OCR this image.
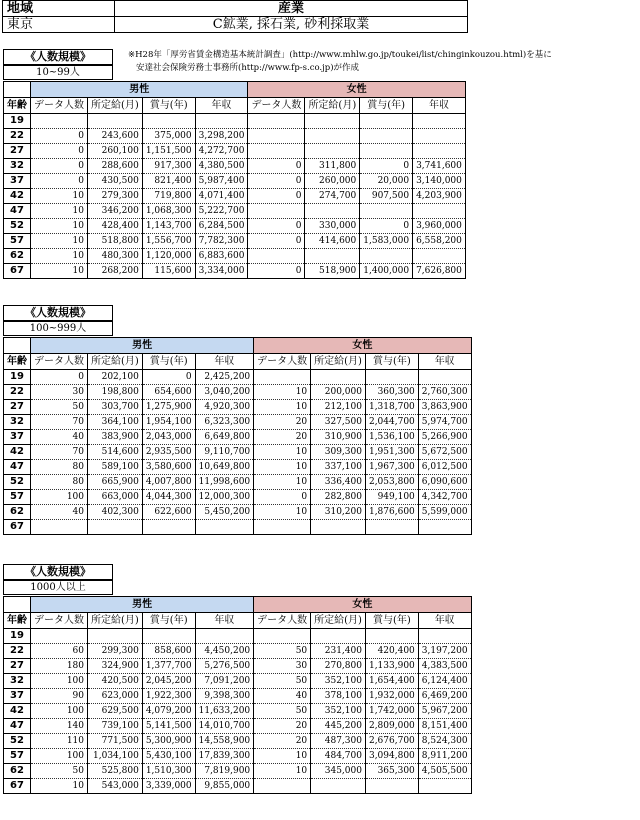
地域	産業
東京	C鉱業, 採石業, 砂利採取業
※H28年「厚労省賃金構造基本統計調査」(http://www.mhlw.go.jp/toukei/list/chinginkouzou.html)を基に
安達社会保険労務士事務所(http://www.fp-s.co.jp)が作成
《人数規模》
10~99人
	男性				女性			
年齢	データ人数	所定給(月)	賞与(年)	年収	データ人数	所定給(月)	賞与(年)	年収
19								
22	0	243,600	375,000	3,298,200				
27	0	260,100	1,151,500	4,272,700				
32	0	288,600	917,300	4,380,500	0	311,800	0	3,741,600
37	0	430,500	821,400	5,987,400	0	260,000	20,000	3,140,000
42	10	279,300	719,800	4,071,400	0	274,700	907,500	4,203,900
47	10	346,200	1,068,300	5,222,700				
52	10	428,400	1,143,700	6,284,500	0	330,000	0	3,960,000
57	10	518,800	1,556,700	7,782,300	0	414,600	1,583,000	6,558,200
62	10	480,300	1,120,000	6,883,600				
67	10	268,200	115,600	3,334,000	0	518,900	1,400,000	7,626,800
《人数規模》
100~999人
	男性				女性			
年齢	データ人数	所定給(月)	賞与(年)	年収	データ人数	所定給(月)	賞与(年)	年収
19	0	202,100	0	2,425,200				
22	30	198,800	654,600	3,040,200	10	200,000	360,300	2,760,300
27	50	303,700	1,275,900	4,920,300	10	212,100	1,318,700	3,863,900
32	70	364,100	1,954,100	6,323,300	20	327,500	2,044,700	5,974,700
37	40	383,900	2,043,000	6,649,800	20	310,900	1,536,100	5,266,900
42	70	514,600	2,935,500	9,110,700	10	309,300	1,951,300	5,672,500
47	80	589,100	3,580,600	10,649,800	10	337,100	1,967,300	6,012,500
52	80	665,900	4,007,800	11,998,600	10	336,400	2,053,800	6,090,600
57	100	663,000	4,044,300	12,000,300	0	282,800	949,100	4,342,700
62	40	402,300	622,600	5,450,200	10	310,200	1,876,600	5,599,000
67								
《人数規模》
1000人以上
	男性				女性			
年齢	データ人数	所定給(月)	賞与(年)	年収	データ人数	所定給(月)	賞与(年)	年収
19								
22	60	299,300	858,600	4,450,200	50	231,400	420,400	3,197,200
27	180	324,900	1,377,700	5,276,500	30	270,800	1,133,900	4,383,500
32	100	420,500	2,045,200	7,091,200	50	352,100	1,654,400	6,124,400
37	90	623,000	1,922,300	9,398,300	40	378,100	1,932,000	6,469,200
42	100	629,500	4,079,200	11,633,200	50	352,100	1,742,000	5,967,200
47	140	739,100	5,141,500	14,010,700	20	445,200	2,809,000	8,151,400
52	110	771,500	5,300,900	14,558,900	20	487,300	2,676,700	8,524,300
57	100	1,034,100	5,430,100	17,839,300	10	484,700	3,094,800	8,911,200
62	50	525,800	1,510,300	7,819,900	10	345,000	365,300	4,505,500
67	10	543,000	3,339,000	9,855,000				
